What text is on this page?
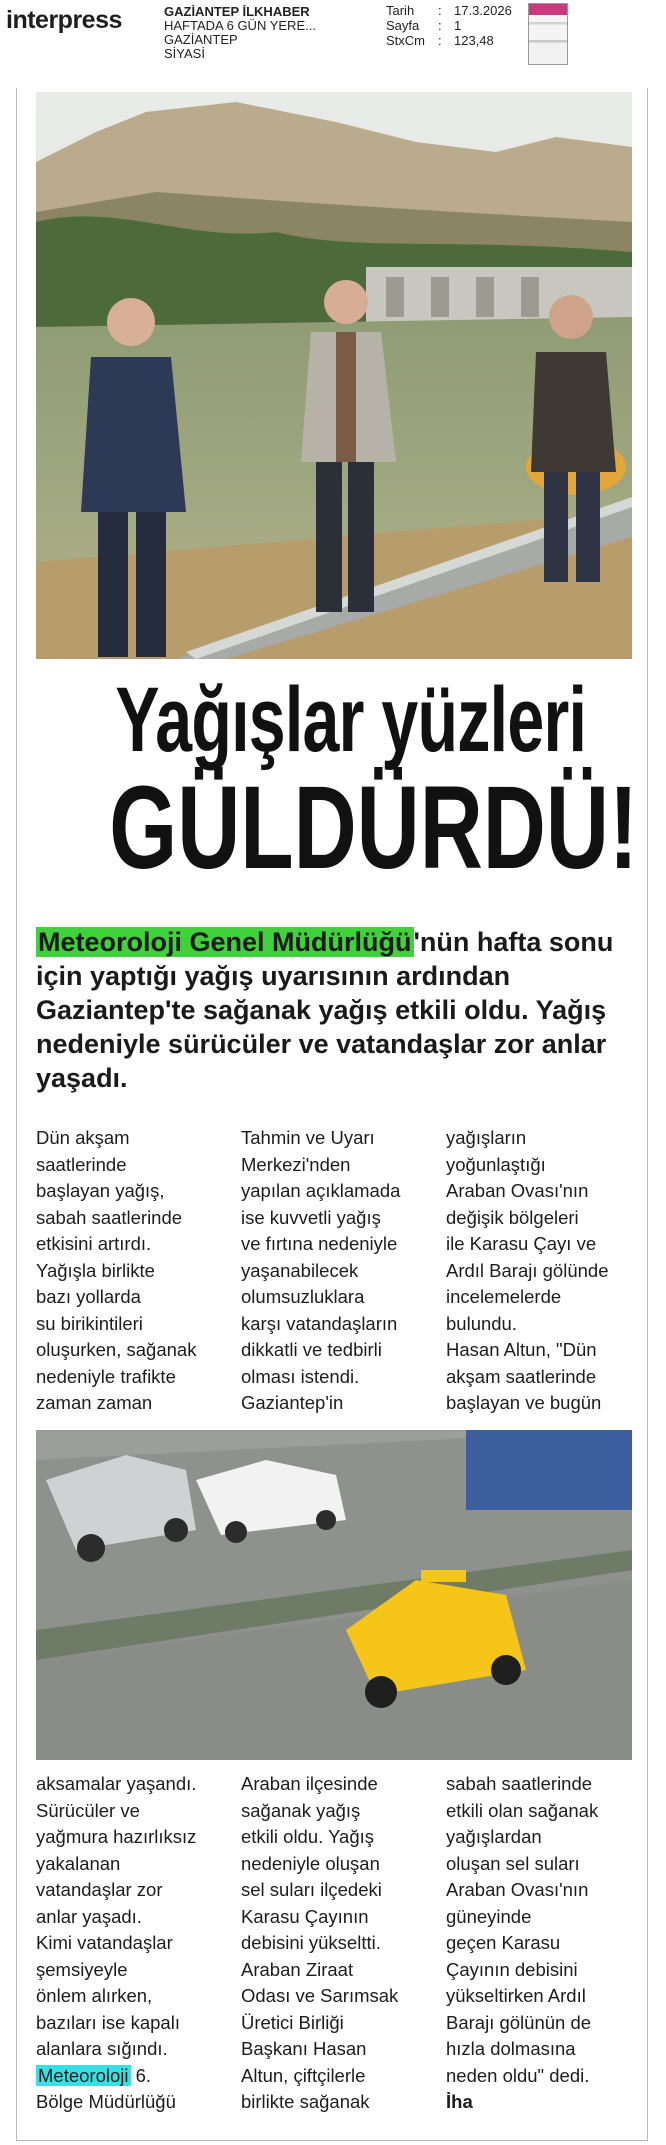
interpress	GAZİANTEP İLKHABER
HAFTADA 6 GÜN YERE...
GAZİANTEP
SİYASİ
Tarih	: 17.3.2026
Sayfa	: 1
StxCm	: 123,48
Yağışlar yüzleri
GÜLDÜRDÜ!
Meteoroloji Genel Müdürlüğü'nün hafta sonu için yaptığı yağış uyarısının ardından Gaziantep'te sağanak yağış etkili oldu. Yağış nedeniyle sürücüler ve vatandaşlar zor anlar yaşadı.

Dün akşam
saatlerinde
başlayan yağış,
sabah saatlerinde
etkisini artırdı.
Yağışla birlikte
bazı yollarda
su birikintileri
oluşurken, sağanak
nedeniyle trafikte
zaman zaman

Tahmin ve Uyarı
Merkezi'nden
yapılan açıklamada
ise kuvvetli yağış
ve fırtına nedeniyle
yaşanabilecek
olumsuzluklara
karşı vatandaşların
dikkatli ve tedbirli
olması istendi.
Gaziantep'in

yağışların
yoğunlaştığı
Araban Ovası'nın
değişik bölgeleri
ile Karasu Çayı ve
Ardıl Barajı gölünde
incelemelerde
bulundu.
Hasan Altun, "Dün
akşam saatlerinde
başlayan ve bugün

aksamalar yaşandı.
Sürücüler ve
yağmura hazırlıksız
yakalanan
vatandaşlar zor
anlar yaşadı.
Kimi vatandaşlar
şemsiyeyle
önlem alırken,
bazıları ise kapalı
alanlara sığındı.

Meteoroloji 6.
Bölge Müdürlüğü

Araban ilçesinde
sağanak yağış
etkili oldu. Yağış
nedeniyle oluşan
sel suları ilçedeki
Karasu Çayının
debisini yükseltti.
Araban Ziraat
Odası ve Sarımsak
Üretici Birliği
Başkanı Hasan
Altun, çiftçilerle
birlikte sağanak

sabah saatlerinde
etkili olan sağanak
yağışlardan
oluşan sel suları
Araban Ovası'nın
güneyinde
geçen Karasu
Çayının debisini
yükseltirken Ardıl
Barajı gölünün de
hızla dolmasına
neden oldu" dedi.

İha
